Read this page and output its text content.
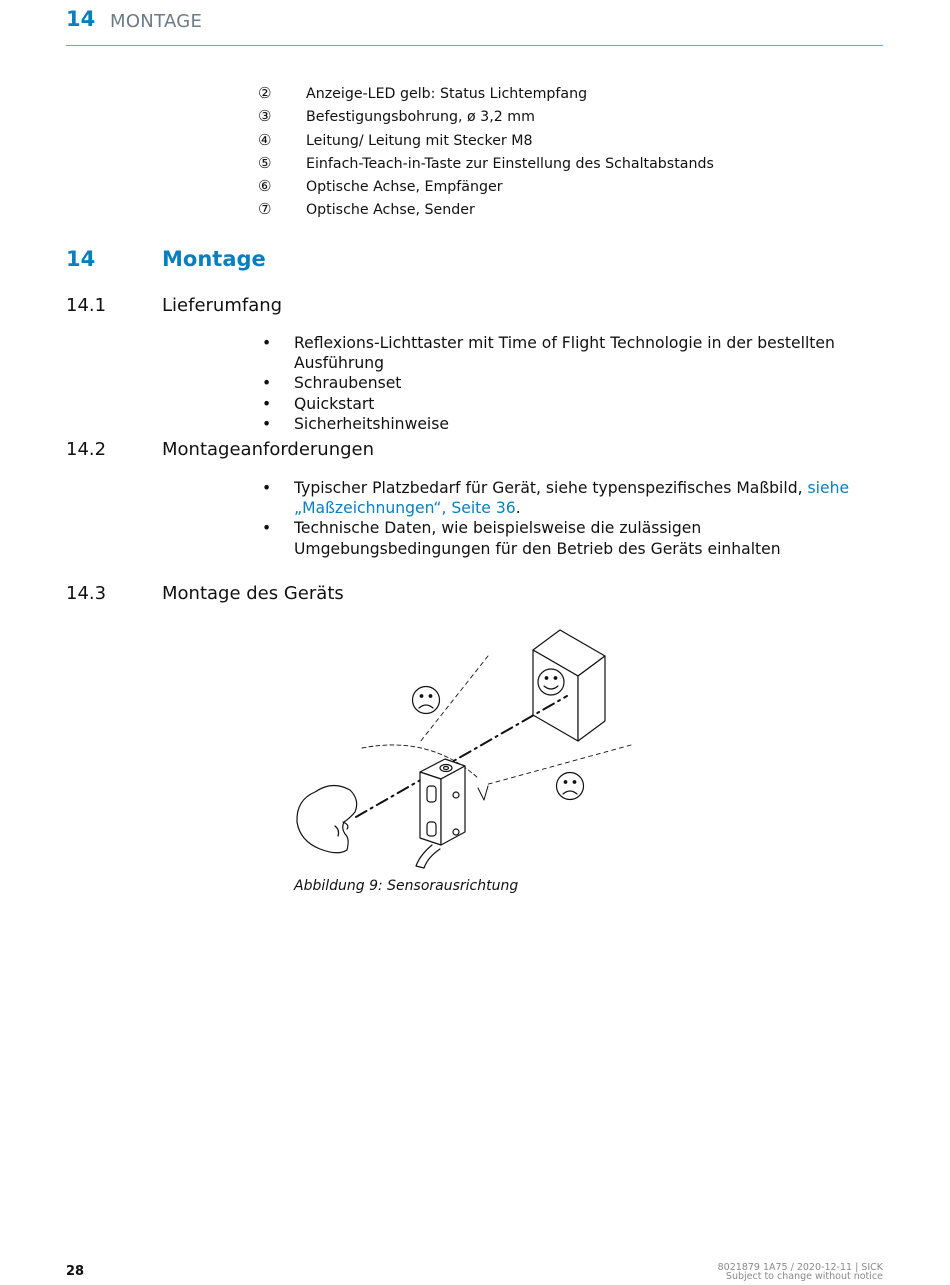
14 MONTAGE
② Anzeige-LED gelb: Status Lichtempfang
③ Befestigungsbohrung, ø 3,2 mm
④ Leitung/ Leitung mit Stecker M8
⑤ Einfach-Teach-in-Taste zur Einstellung des Schaltabstands
⑥ Optische Achse, Empfänger
⑦ Optische Achse, Sender
14	Montage
14.1	Lieferumfang
• Reflexions-Lichttaster mit Time of Flight Technologie in der bestellten Ausführung
• Schraubenset
• Quickstart
• Sicherheitshinweise
14.2	Montageanforderungen
• Typischer Platzbedarf für Gerät, siehe typenspezifisches Maßbild, siehe „Maßzeichnungen“, Seite 36.
• Technische Daten, wie beispielsweise die zulässigen Umgebungsbedingungen für den Betrieb des Geräts einhalten
14.3	Montage des Geräts
Abbildung 9: Sensorausrichtung
28	8021879 1A75 / 2020-12-11 | SICK
Subject to change without notice
